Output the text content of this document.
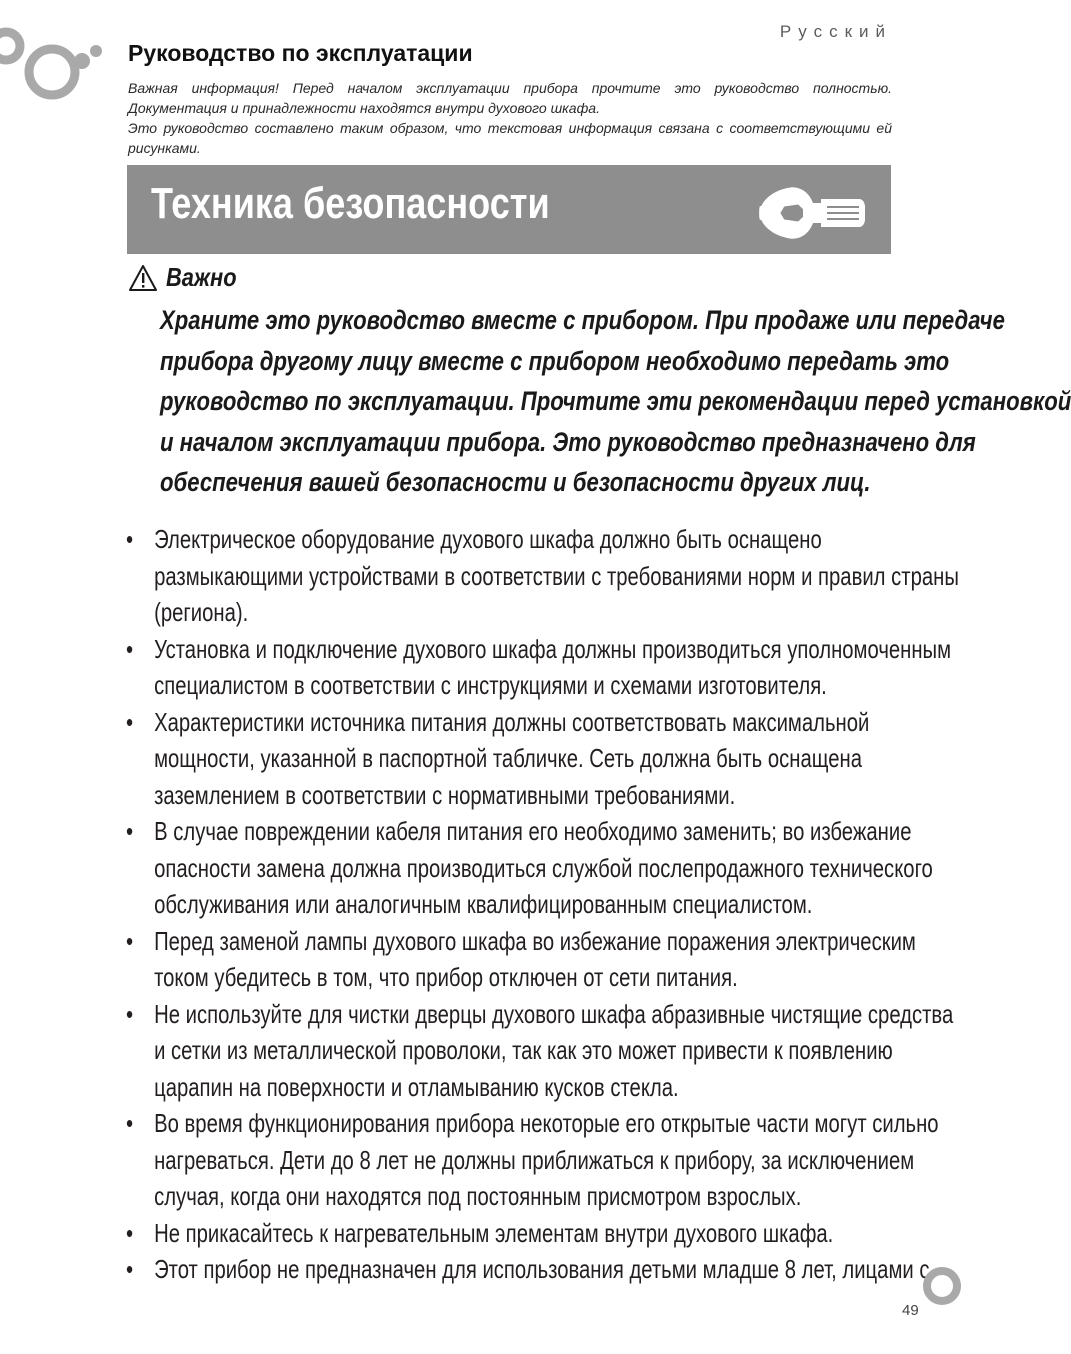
Русский
Руководство по эксплуатации

Важная информация! Перед началом эксплуатации прибора прочтите это руководство полностью. Документация и принадлежности находятся внутри духового шкафа.

Это руководство составлено таким образом, что текстовая информация связана с соответствующими ей рисунками.

Техника безопасности
Важно
Храните это руководство вместе с прибором. При продаже или передаче
прибора другому лицу вместе с прибором необходимо передать это
руководство по эксплуатации. Прочтите эти рекомендации перед установкой
и началом эксплуатации прибора. Это руководство предназначено для
обеспечения вашей безопасности и безопасности других лиц.
• Электрическое оборудование духового шкафа должно быть оснащено
размыкающими устройствами в соответствии с требованиями норм и правил страны
(региона).
• Установка и подключение духового шкафа должны производиться уполномоченным
специалистом в соответствии с инструкциями и схемами изготовителя.
• Характеристики источника питания должны соответствовать максимальной
мощности, указанной в паспортной табличке. Сеть должна быть оснащена
заземлением в соответствии с нормативными требованиями.
• В случае повреждении кабеля питания его необходимо заменить; во избежание
опасности замена должна производиться службой послепродажного технического
обслуживания или аналогичным квалифицированным специалистом.
• Перед заменой лампы духового шкафа во избежание поражения электрическим
током убедитесь в том, что прибор отключен от сети питания.
• Не используйте для чистки дверцы духового шкафа абразивные чистящие средства
и сетки из металлической проволоки, так как это может привести к появлению
царапин на поверхности и отламыванию кусков стекла.
• Во время функционирования прибора некоторые его открытые части могут сильно
нагреваться. Дети до 8 лет не должны приближаться к прибору, за исключением
случая, когда они находятся под постоянным присмотром взрослых.
• Не прикасайтесь к нагревательным элементам внутри духового шкафа.
• Этот прибор не предназначен для использования детьми младше 8 лет, лицами с
49
